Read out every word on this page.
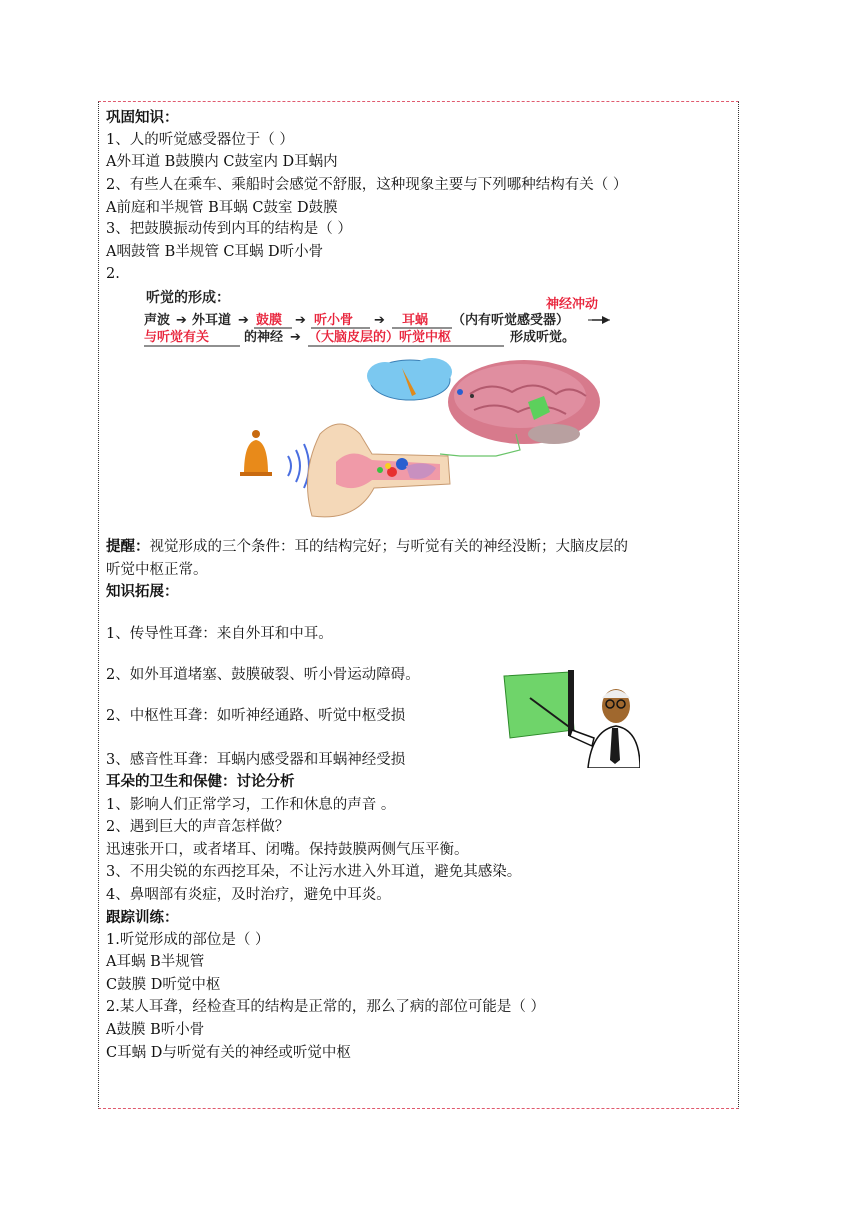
巩固知识：
1、人的听觉感受器位于（ ）
A外耳道 B鼓膜内 C鼓室内 D耳蜗内
2、有些人在乘车、乘船时会感觉不舒服，这种现象主要与下列哪种结构有关（ ）
A前庭和半规管 B耳蜗 C鼓室 D鼓膜
3、把鼓膜振动传到内耳的结构是（ ）
A咽鼓管 B半规管 C耳蜗 D听小骨
2.
听觉的形成：
声波 ➔ 外耳道 ➔ 鼓膜 ➔ 听小骨 ➔ 耳蜗 （内有听觉感受器）
神经冲动
与听觉有关	的神经 ➔ （大脑皮层的）听觉中枢	形成听觉。
提醒：视觉形成的三个条件：耳的结构完好；与听觉有关的神经没断；大脑皮层的
听觉中枢正常。
知识拓展：
1、传导性耳聋：来自外耳和中耳。
2、如外耳道堵塞、鼓膜破裂、听小骨运动障碍。
2、中枢性耳聋：如听神经通路、听觉中枢受损
3、感音性耳聋：耳蜗内感受器和耳蜗神经受损
耳朵的卫生和保健：讨论分析
1、影响人们正常学习，工作和休息的声音 。
2、遇到巨大的声音怎样做？
迅速张开口，或者堵耳、闭嘴。保持鼓膜两侧气压平衡。
3、不用尖锐的东西挖耳朵，不让污水进入外耳道，避免其感染。
4、鼻咽部有炎症，及时治疗，避免中耳炎。
跟踪训练：
1.听觉形成的部位是（ ）
A耳蜗 B半规管
C鼓膜 D听觉中枢
2.某人耳聋，经检查耳的结构是正常的，那么了病的部位可能是（ ）
A鼓膜 B听小骨
C耳蜗 D与听觉有关的神经或听觉中枢
